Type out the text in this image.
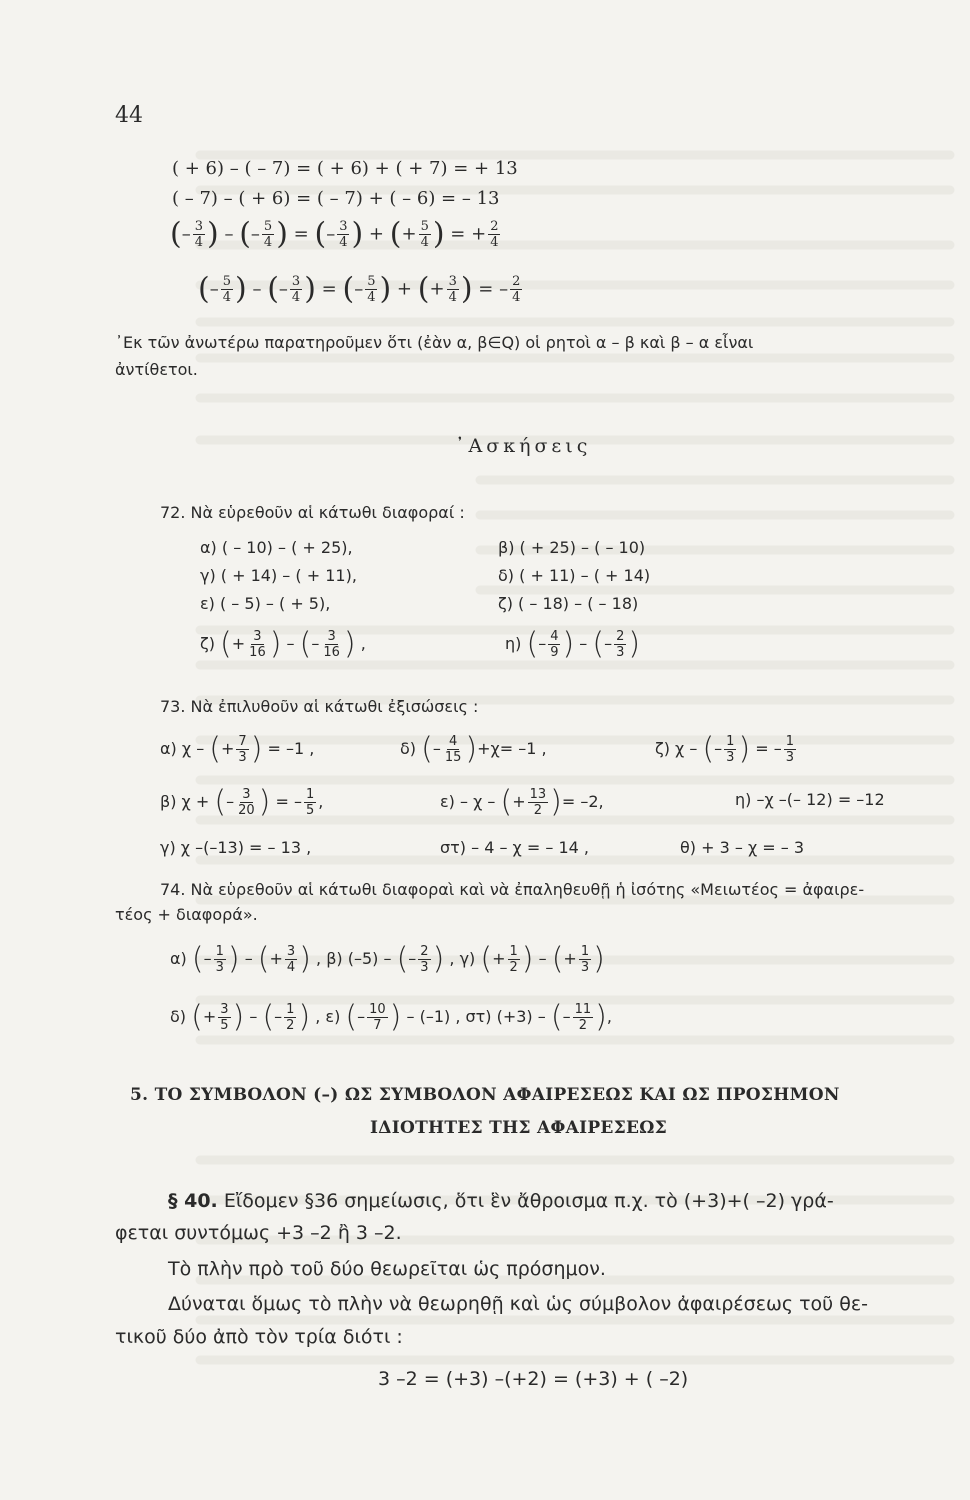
44
( + 6) – ( – 7) = ( + 6) + ( + 7) = + 13
( – 7) – ( + 6) = ( – 7) + ( – 6) = – 13
(– $\frac{3}{4}$ ) – (– $\frac{5}{4}$ ) = (– $\frac{3}{4}$ ) + (+ $\frac{5}{4}$ ) = + $\frac{2}{4}$
(– $\frac{5}{4}$ ) – (– $\frac{3}{4}$ ) = (– $\frac{5}{4}$ ) + (+ $\frac{3}{4}$ ) = – $\frac{2}{4}$
᾿Εκ τῶν ἀνωτέρω παρατηροῦμεν ὅτι (ἐὰν α, β∈Q) οἱ ρητοὶ α – β καὶ β – α εἶναι
ἀντίθετοι.
᾿Ασκήσεις
72. Νὰ εὑρεθοῦν αἱ κάτωθι διαφοραί :
α) ( – 10) – ( + 25),	β) ( + 25) – ( – 10)
γ) ( + 14) – ( + 11),	δ) ( + 11) – ( + 14)
ε) ( – 5) – ( + 5),	ζ) ( – 18) – ( – 18)
ζ) (+ $\frac{3}{16}$ ) – (– $\frac{3}{16}$ ) ,	η) (– $\frac{4}{9}$ ) – (– $\frac{2}{3}$ )
73. Νὰ ἐπιλυθοῦν αἱ κάτωθι ἐξισώσεις :
α) χ – (+ $\frac{7}{3}$ ) = –1 ,	δ) (– $\frac{4}{15} )+\chi= -1$ ,	ζ) χ – (– $\frac{1}{3}$ ) = – $\frac{1}{3}$
β) χ + (– $\frac{3}{20}$ ) = – $\frac{1}{5}$ ,	ε) – χ – (+ $\frac{13}{2}$ )= –2,	η) –χ –(– 12) = –12
γ) χ –(–13) = – 13 ,	στ) – 4 – χ = – 14 ,	θ) + 3 – χ = – 3
74. Νὰ εὑρεθοῦν αἱ κάτωθι διαφοραὶ καὶ νὰ ἐπαληθευθῇ ἡ ἰσότης «Μειωτέος = ἀφαιρε-
τέος + διαφορά».
α) (– $\frac{1}{3}$ ) – (+ $\frac{3}{4}$ ) , β) (–5) – (– $\frac{2}{3}$ ) , γ) (+ $\frac{1}{2}$ ) – (+ $\frac{1}{3}$ )
δ) (+ $\frac{3}{5}$ ) – (– $\frac{1}{2}$ ) , ε) (– $\frac{10}{7}$ ) – (–1) , στ) (+3) – (– $\frac{11}{2}$ ),
5. ΤΟ ΣΥΜΒΟΛΟΝ (–) ΩΣ ΣΥΜΒΟΛΟΝ ΑΦΑΙΡΕΣΕΩΣ ΚΑΙ ΩΣ ΠΡΟΣΗΜΟΝ
ΙΔΙΟΤΗΤΕΣ ΤΗΣ ΑΦΑΙΡΕΣΕΩΣ
§ 40. Εἴδομεν §36 σημείωσις, ὅτι ἓν ἄθροισμα π.χ. τὸ (+3)+( –2) γρά-
φεται συντόμως +3 –2 ἢ 3 –2.
Τὸ πλὴν πρὸ τοῦ δύο θεωρεῖται ὡς πρόσημον.
Δύναται ὅμως τὸ πλὴν νὰ θεωρηθῇ καὶ ὡς σύμβολον ἀφαιρέσεως τοῦ θε-
τικοῦ δύο ἀπὸ τὸν τρία διότι :
3 –2 = (+3) –(+2) = (+3) + ( –2)
